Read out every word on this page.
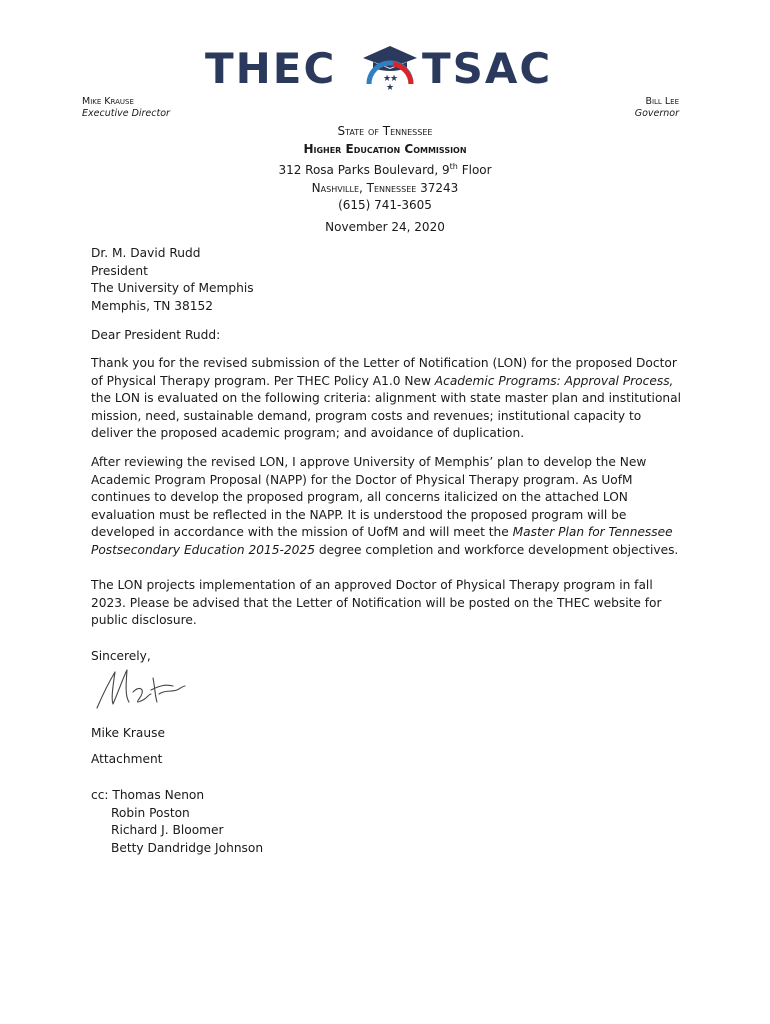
THEC	★
★
★ TSAC
Mike Krause
Executive Director
Bill Lee
Governor
State of Tennessee
Higher Education Commission
312 Rosa Parks Boulevard, 9th Floor
Nashville, Tennessee 37243
(615) 741-3605
November 24, 2020
Dr. M. David Rudd
President
The University of Memphis
Memphis, TN 38152
Dear President Rudd:

Thank you for the revised submission of the Letter of Notification (LON) for the proposed Doctor of Physical Therapy program. Per THEC Policy A1.0 New Academic Programs: Approval Process, the LON is evaluated on the following criteria: alignment with state master plan and institutional mission, need, sustainable demand, program costs and revenues; institutional capacity to deliver the proposed academic program; and avoidance of duplication.

After reviewing the revised LON, I approve University of Memphis’ plan to develop the New Academic Program Proposal (NAPP) for the Doctor of Physical Therapy program. As UofM continues to develop the proposed program, all concerns italicized on the attached LON evaluation must be reflected in the NAPP. It is understood the proposed program will be developed in accordance with the mission of UofM and will meet the Master Plan for Tennessee Postsecondary Education 2015-2025 degree completion and workforce development objectives.

The LON projects implementation of an approved Doctor of Physical Therapy program in fall 2023. Please be advised that the Letter of Notification will be posted on the THEC website for public disclosure.

Sincerely,
Mike Krause
Attachment
cc: Thomas Nenon
Robin Poston
Richard J. Bloomer
Betty Dandridge Johnson
